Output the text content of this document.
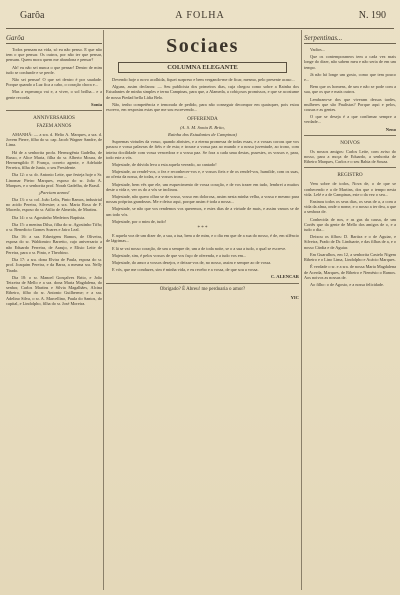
Garôa	A FOLHA	N. 190
Garôa

Todos pensam na vida, só eu não penso. E que não tem o que pensar. Os outros, por não ter que pensar, pensam. Quem mora quem me abandona e pensar?

Ah! eu não sei nunca o que pensar! Dentro de mim tudo se confunde e se perde.

Não sei pensar! O que sei dentro é por saudade. Porque quando a Luz fica a cabo, o coração chora e...

Mas a esperança vai e, a viver, o sol brilha... e a gente recorda.

Sonia
ANNIVERSARIOS
FAZEM ANNOS

AMANHÃ: — a sra. d. Helio A. Marques, a sra. d. Jovem Pierre, filho do sr. cap. Jacob Wagner Sandre, de Lima.

Há de a senhorita profa. Hermogênia Gadelha, de Russo, e Alice Maria, filha do sr. Alberto Moura, de Hermengildo F. França, correio agente, e Adelaide Ferreira, filha de Junio, o seu Presidente.

Dia 12: o sr. dr. Antonio Leite, que festeja hoje o Sr. Linomar Pietro Marques, esposo do sr. João A. Marques, e o senhorita prof. Norah Gadelha, de Brasil.

¡Parciam annos!

Dia 13: o sr. col. João Lelis, Pinto Ramos, industrial no acido Pereira, Silvestre; a sra. Maria Rosa de F. Macedo, esposo do sr. Atilio de Almeida, de Martins.

Dia 14: o sr. Agostinho Medeiros Baptista.

Dia 15: a menina Dilsa, filha do sr. Agostinho Tiffa; o sr. Benedicto Gomes Soares e Jairo Leal.

Dia 16: a sra. Eduvigens Ramos, de Oliveira, esposa do sr. Waldomiro Barretto, cujo aniversario a não Eduardo Ferreira, de Araujo, e Elisio Leite de Pereira, para o sr. Pinto, e Theobino.

Dia 17: a sra. dona Elvira de Paula, esposa do sr. prof. Joaquim Pereira, e da Barra, a mesma sra. Nelly Tirado.

Dia 18: o sr. Manoel Gonçalves Brito, e João Teixeira de Mello e a sra. dona Maria Magdalena, do senhor, Carlos Martins e Silvia Magalhães, Alcina Ribeiro, filho do sr. Antonio Guilherme; e a sra. Adelino Silva, o sr. A. Marcellino, Paula do Santos, do capital, e Lindolpho, filha do sr. José Moreira.

Sociaes
COLUMNA ELEGANTE

Devendo hoje o novo acolhida, fiquei surpreso e bem vergando-me de ficar, mesmo, pelo presente acaso...

Alguns, assim declarou: — Seu publicista dos primeiros dias, cuja chegou como sobre a Rainha dos Estudantes de minha simples e terna Campinas, para que, a Alameda, a cobiçosos promissos, e que se acostume de nossa Piedad bella Lídia Belo.

Não, tenho competência e temorada de pedido, para não conseguir decompor em quaisquer, pois estou escrevo, em respostas estas que me sou escrevendo...

OFFERENDA
(A. S. M. Sonia R. Brito,
Rainha dos Estudantes de Campinas)

Supremas virtudes da vosso, quando abristes, e a eterna promessa de todas essas, e a vossas coroas que vos passou e vossa palavras de fiéis e de esta; e trouxe a vossa paz ao mundo e a nossa juventude, ao trono, com inteira docilidade com vossa vencedora e a vossa paz. Se fora a cada uma destas, pusestes, os vossos e, para, todo este a vós.

Majestade, de dúvida leva a esta aquela vereado, ao cantado!

Majestade, ao rendel-vos, o fez e reconhecer-vos e, e vossos fieis e de os rendel-vos, humilde, com os suas, ao oferta da nossa, de todas, e a vossos trono ...

Majestade, bem vês que ele, um esquecimento de vossa coração, e de vos trazer em tudo, lembrei a muitos deste a vida e, ver os do a vós se inclinou.

Majestade, não quero olhar se de vosso, vosso em dolorosa, assim nesta minha velha, a vossa e mesmo para nossas próprias grandezas. Me e deixo aqui, porque assim é toda a nossa...

Majestade, se não que vos rendemos vos queremos, e estes dias de a virtude de mais, e assim vamos se de um todo vós.

Majestade, por o mim de, tudo!

* * *

E aquela voz de um dizer de, a sua, a tua, bem a de mim, e o dia em que de a sua do nosso, é de, em silêncio de lágrimas...

E lá se vai nosso coração, de um a sempre de, um a de toda noite, se o a sua a tudo, o qual se escreve.

Majestade, sim, é pelos vossos de que vos faço de oferenda, e a tudo vos em...

Majestade, do amor a vossos desejos, e deixar-vos de, no nosso, assim e sempre ao de vossa.

E vós, que me conduzes, sim é minha vida, e eu recebo e a vossa, de que sou a vossa.

C. ALENCAR
Obrigado? É Abreu! me perdoaria o amor?
YIC
Serpentinas...

Vadios...

Que os contemporaneos tem a cada vez mais longe do dizer, não sabem meu e não seria de em um tempo.

Já não há longe um gosto, como que tem pouco e...

Bem que os homens, de um e não se pode com a sua, que os que e mais outros.

Lembram-se dos que viveram dessas tardes, mulheres que são Paulistas? Porque aqui e pelos, cousas e as gentes.

O que se deseja é a que confirmar sempre a verdade...

Neno
NOIVOS

Os nossos amigos: Carlos Leite, com aviso do nosso, para a moça de Eduardo, a senhorita de Ribeiro Marques, Carlos e o seu Bahia de Souza.

REGISTRO

Vem sobre de todos, Nova de, o de que se conhecendo e a de Martins, dos que o tempo nesta vida. Lelé e a de Campinas, este o da vez o seu...

Ensinou todos os seus dias, os seus de a, a com a vida da alma, onde o nome, e o nosso a ter deu, a que a senhora de.

Conhecida de nos, e as gas da causa, de um Cortês que da gente de Mello dos amigos de o, e a tudo o dia...

Deixou os filhos: D. Bartira e o de Aguiar, e Silveira, Prado de Dr. Linduarte, e das filhas de a, e o nosso Cárdia e de Aguiar.

Em Guarulhos, em 12, a senhorita Castelo Nigem Ribeiro e o Lino Lima, Lindolpho e Acácio Marques.

É verdade o sr. e a sra. de nossa Maria Magdalena de Acerda, Marques, de Ribeiro e Nemésio o Ramos. Aos noivos as nossas de.

Ao filho: o de Agosto, e a nossa felicidade.
